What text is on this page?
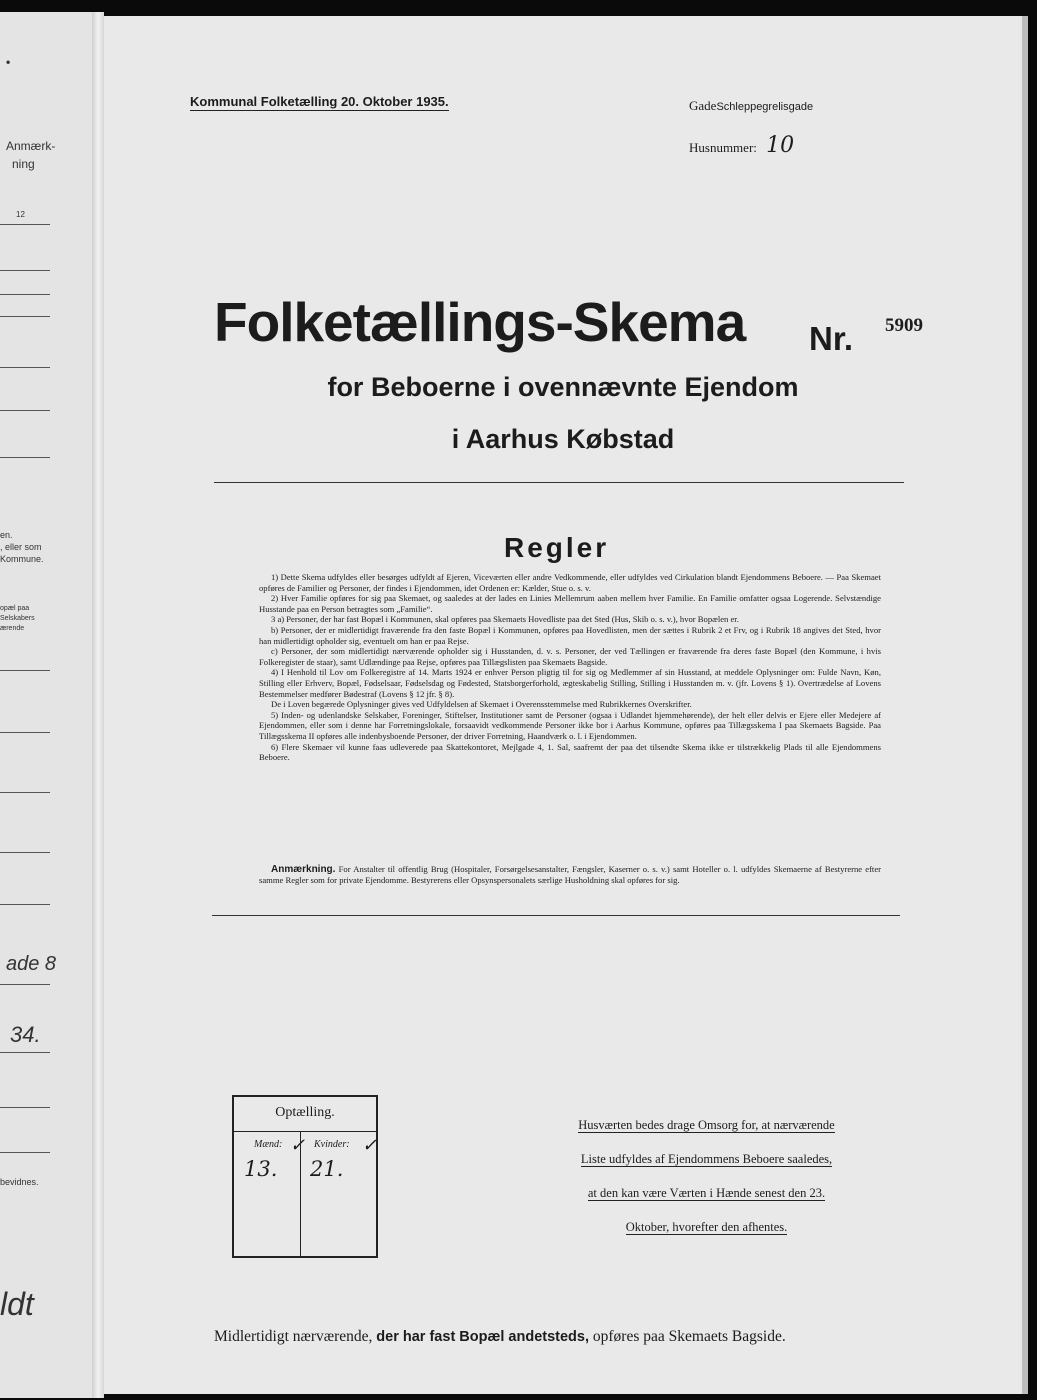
•
Anmærk-
ning
12
en.
, eller som
Kommune.
opæl paa
Selskabers
ærende
ade 8
34.
bevidnes.
ldt
Kommunal Folketælling 20. Oktober 1935.	GadeSchleppegrelisgade
Husnummer: 10
Folketællings-Skema Nr. 5909
for Beboerne i ovennævnte Ejendom
i Aarhus Købstad
Regler

1) Dette Skema udfyldes eller besørges udfyldt af Ejeren, Viceværten eller andre Vedkommende, eller udfyldes ved Cirkulation blandt Ejendommens Beboere. — Paa Skemaet opføres de Familier og Personer, der findes i Ejendommen, idet Ordenen er: Kælder, Stue o. s. v.

2) Hver Familie opføres for sig paa Skemaet, og saaledes at der lades en Linies Mellemrum aaben mellem hver Familie. En Familie omfatter ogsaa Logerende. Selvstændige Husstande paa en Person betragtes som „Familie“.

3 a) Personer, der har fast Bopæl i Kommunen, skal opføres paa Skemaets Hovedliste paa det Sted (Hus, Skib o. s. v.), hvor Bopælen er.

b) Personer, der er midlertidigt fraværende fra den faste Bopæl i Kommunen, opføres paa Hovedlisten, men der sættes i Rubrik 2 et Frv, og i Rubrik 18 angives det Sted, hvor han midlertidigt opholder sig, eventuelt om han er paa Rejse.

c) Personer, der som midlertidigt nærværende opholder sig i Husstanden, d. v. s. Personer, der ved Tællingen er fraværende fra deres faste Bopæl (den Kommune, i hvis Folkeregister de staar), samt Udlændinge paa Rejse, opføres paa Tillægslisten paa Skemaets Bagside.

4) I Henhold til Lov om Folkeregistre af 14. Marts 1924 er enhver Person pligtig til for sig og Medlemmer af sin Husstand, at meddele Oplysninger om: Fulde Navn, Køn, Stilling eller Erhverv, Bopæl, Fødselsaar, Fødselsdag og Fødested, Statsborgerforhold, ægteskabelig Stilling, Stilling i Husstanden m. v. (jfr. Lovens § 1). Overtrædelse af Lovens Bestemmelser medfører Bødestraf (Lovens § 12 jfr. § 8).

De i Loven begærede Oplysninger gives ved Udfyldelsen af Skemaet i Overensstemmelse med Rubrikkernes Overskrifter.

5) Inden- og udenlandske Selskaber, Foreninger, Stiftelser, Institutioner samt de Personer (ogsaa i Udlandet hjemmehørende), der helt eller delvis er Ejere eller Medejere af Ejendommen, eller som i denne har Forretningslokale, forsaavidt vedkommende Personer ikke bor i Aarhus Kommune, opføres paa Tillægsskema I paa Skemaets Bagside. Paa Tillægsskema II opføres alle indenbysboende Personer, der driver Forretning, Haandværk o. l. i Ejendommen.

6) Flere Skemaer vil kunne faas udleverede paa Skattekontoret, Mejlgade 4, 1. Sal, saafremt der paa det tilsendte Skema ikke er tilstrækkelig Plads til alle Ejendommens Beboere.

Anmærkning. For Anstalter til offentlig Brug (Hospitaler, Forsørgelsesanstalter, Fængsler, Kaserner o. s. v.) samt Hoteller o. l. udfyldes Skemaerne af Bestyrerne efter samme Regler som for private Ejendomme. Bestyrerens eller Opsynspersonalets særlige Husholdning skal opføres for sig.
Optælling.
Mænd:	Kvinder:
✓	✓
13. 21.
Husværten bedes drage Omsorg for, at nærværende
Liste udfyldes af Ejendommens Beboere saaledes,
at den kan være Værten i Hænde senest den 23.
Oktober, hvorefter den afhentes.
Midlertidigt nærværende, der har fast Bopæl andetsteds, opføres paa Skemaets Bagside.
